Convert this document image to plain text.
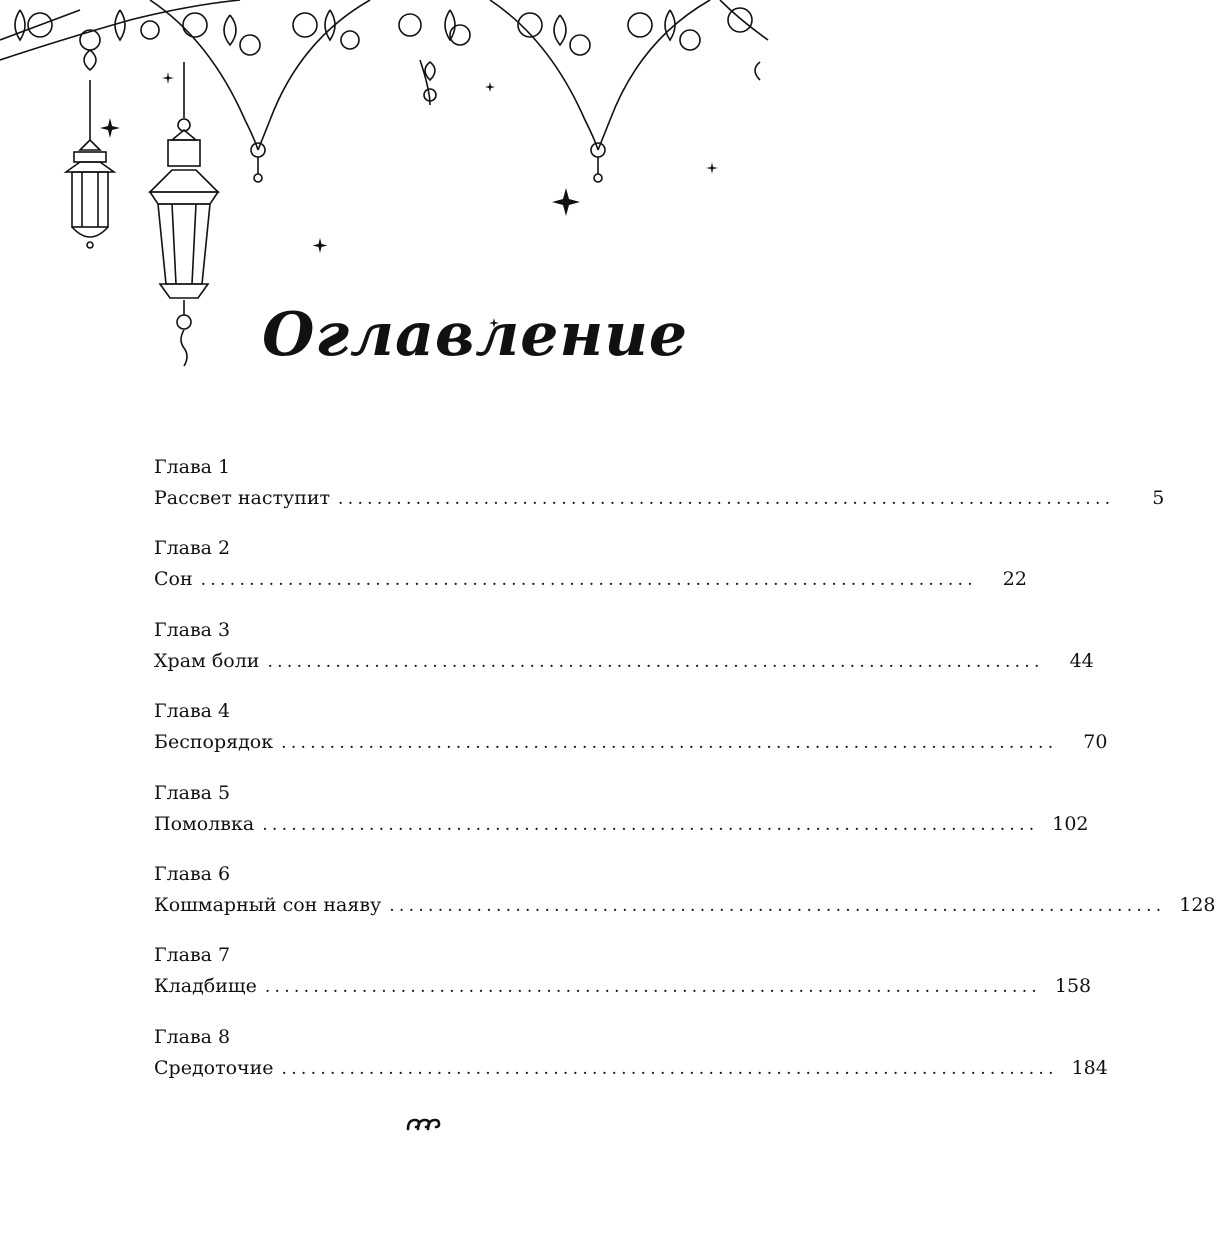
Оглавление
Глава 1
Рассвет наступит ................................................................................	5
Глава 2
Сон ................................................................................	22
Глава 3
Храм боли ................................................................................	44
Глава 4
Беспорядок ................................................................................	70
Глава 5
Помолвка ................................................................................ 102
Глава 6
Кошмарный сон наяву ................................................................................ 128
Глава 7
Кладбище ................................................................................ 158
Глава 8
Средоточие ................................................................................ 184
